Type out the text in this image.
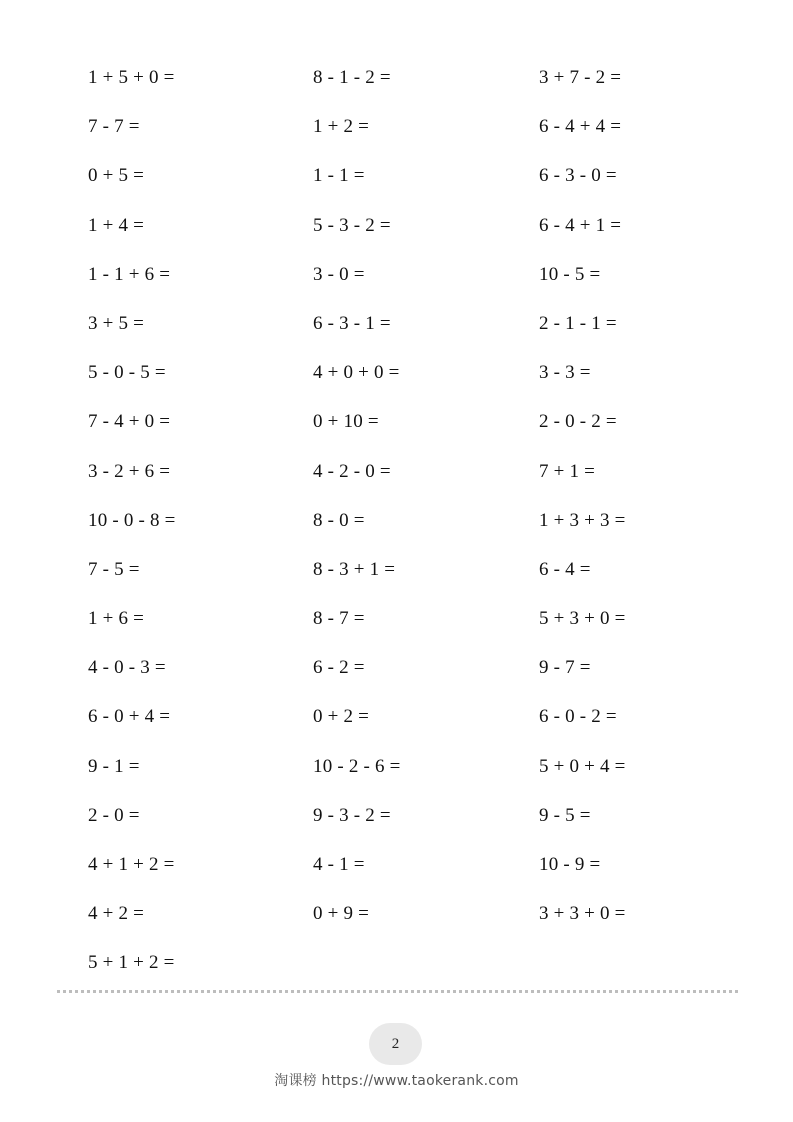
1 + 5 + 0 =	8 - 1 - 2 =	3 + 7 - 2 =
7 - 7 =	1 + 2 =	6 - 4 + 4 =
0 + 5 =	1 - 1 =	6 - 3 - 0 =
1 + 4 =	5 - 3 - 2 =	6 - 4 + 1 =
1 - 1 + 6 =	3 - 0 =	10 - 5 =
3 + 5 =	6 - 3 - 1 =	2 - 1 - 1 =
5 - 0 - 5 =	4 + 0 + 0 =	3 - 3 =
7 - 4 + 0 =	0 + 10 =	2 - 0 - 2 =
3 - 2 + 6 =	4 - 2 - 0 =	7 + 1 =
10 - 0 - 8 =	8 - 0 =	1 + 3 + 3 =
7 - 5 =	8 - 3 + 1 =	6 - 4 =
1 + 6 =	8 - 7 =	5 + 3 + 0 =
4 - 0 - 3 =	6 - 2 =	9 - 7 =
6 - 0 + 4 =	0 + 2 =	6 - 0 - 2 =
9 - 1 =	10 - 2 - 6 =	5 + 0 + 4 =
2 - 0 =	9 - 3 - 2 =	9 - 5 =
4 + 1 + 2 =	4 - 1 =	10 - 9 =
4 + 2 =	0 + 9 =	3 + 3 + 0 =
5 + 1 + 2 =
2
淘课榜 https://www.taokerank.com
